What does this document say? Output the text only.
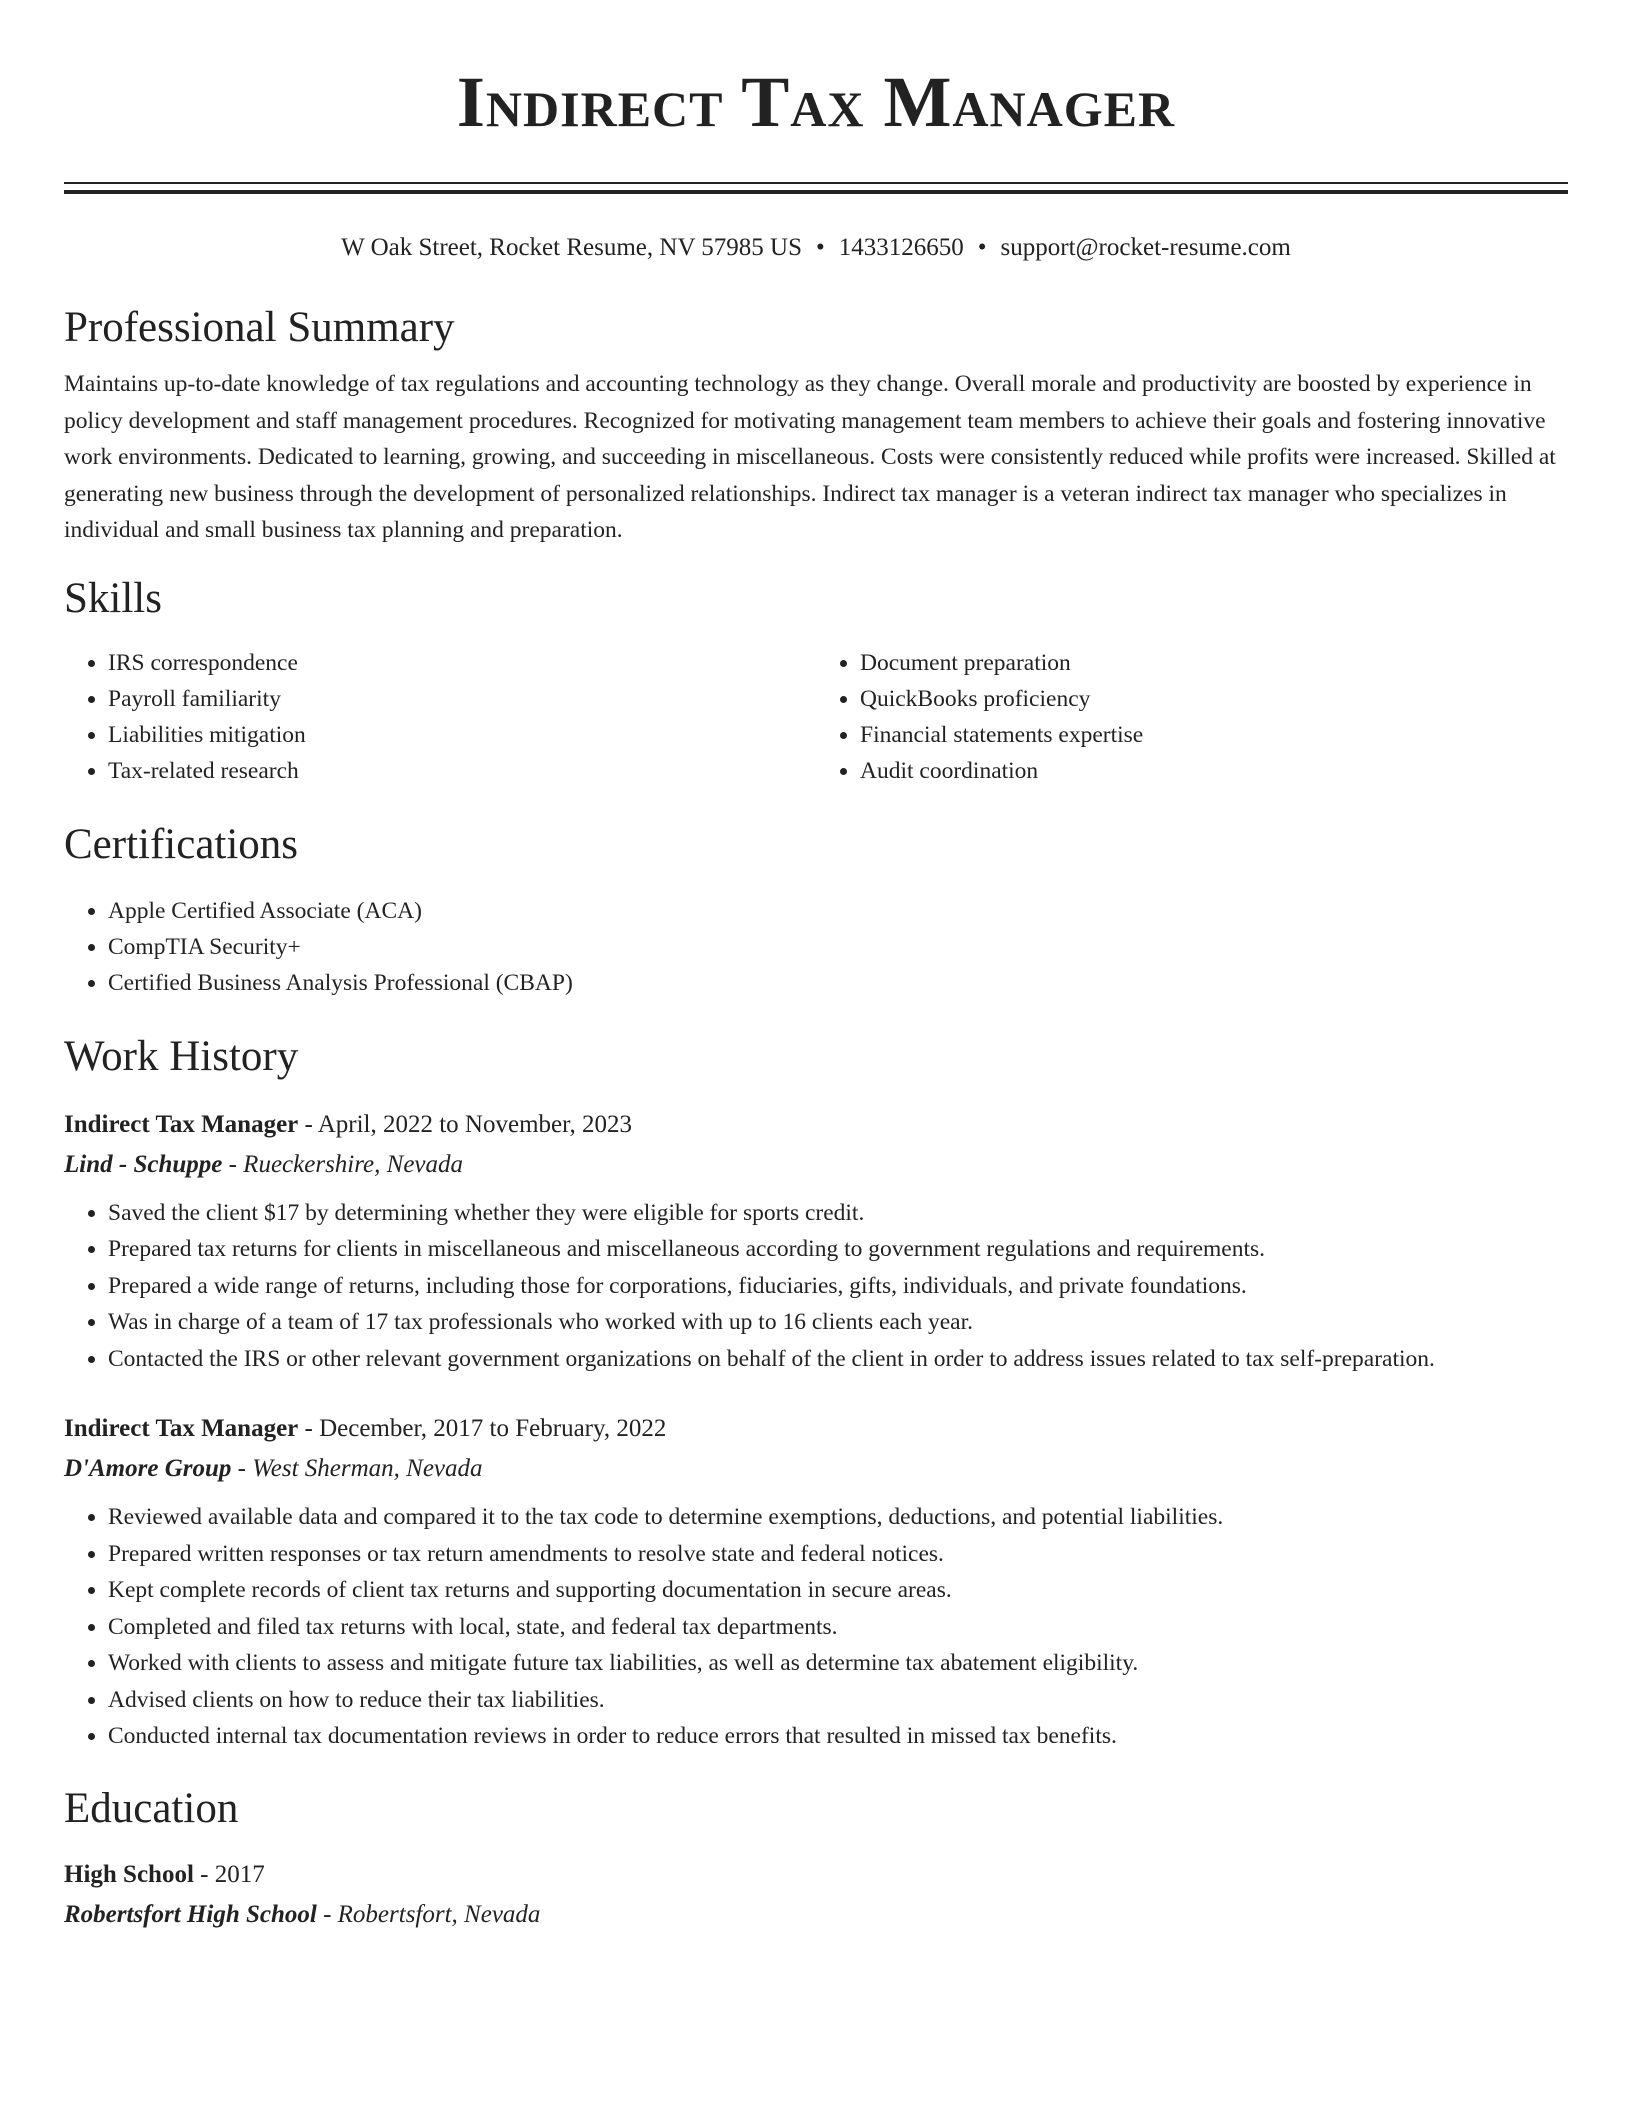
Indirect Tax Manager
W Oak Street, Rocket Resume, NV 57985 US • 1433126650 • support@rocket-resume.com
Professional Summary

Maintains up-to-date knowledge of tax regulations and accounting technology as they change. Overall morale and productivity are boosted by experience in policy development and staff management procedures. Recognized for motivating management team members to achieve their goals and fostering innovative work environments. Dedicated to learning, growing, and succeeding in miscellaneous. Costs were consistently reduced while profits were increased. Skilled at generating new business through the development of personalized relationships. Indirect tax manager is a veteran indirect tax manager who specializes in individual and small business tax planning and preparation.

Skills
• IRS correspondence
• Payroll familiarity
• Liabilities mitigation
• Tax-related research
• Document preparation
• QuickBooks proficiency
• Financial statements expertise
• Audit coordination
Certifications
• Apple Certified Associate (ACA)
• CompTIA Security+
• Certified Business Analysis Professional (CBAP)
Work History
Indirect Tax Manager - April, 2022 to November, 2023
Lind - Schuppe - Rueckershire, Nevada
• Saved the client $17 by determining whether they were eligible for sports credit.
• Prepared tax returns for clients in miscellaneous and miscellaneous according to government regulations and requirements.
• Prepared a wide range of returns, including those for corporations, fiduciaries, gifts, individuals, and private foundations.
• Was in charge of a team of 17 tax professionals who worked with up to 16 clients each year.
• Contacted the IRS or other relevant government organizations on behalf of the client in order to address issues related to tax self-preparation.
Indirect Tax Manager - December, 2017 to February, 2022
D'Amore Group - West Sherman, Nevada
• Reviewed available data and compared it to the tax code to determine exemptions, deductions, and potential liabilities.
• Prepared written responses or tax return amendments to resolve state and federal notices.
• Kept complete records of client tax returns and supporting documentation in secure areas.
• Completed and filed tax returns with local, state, and federal tax departments.
• Worked with clients to assess and mitigate future tax liabilities, as well as determine tax abatement eligibility.
• Advised clients on how to reduce their tax liabilities.
• Conducted internal tax documentation reviews in order to reduce errors that resulted in missed tax benefits.
Education
High School - 2017
Robertsfort High School - Robertsfort, Nevada
